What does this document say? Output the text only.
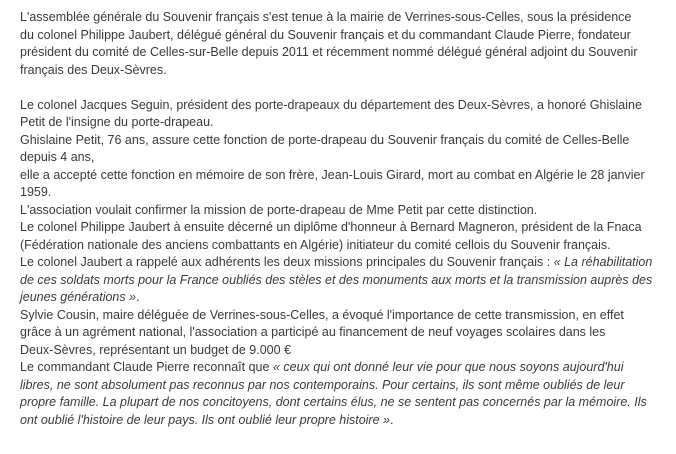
L'assemblée générale du Souvenir français s'est tenue à la mairie de Verrines-sous-Celles, sous la présidence
du colonel Philippe Jaubert, délégué général du Souvenir français et du commandant Claude Pierre, fondateur
président du comité de Celles-sur-Belle depuis 2011 et récemment nommé délégué général adjoint du Souvenir
français des Deux-Sèvres.
Le colonel Jacques Seguin, président des porte-drapeaux du département des Deux-Sèvres, a honoré Ghislaine
Petit de l'insigne du porte-drapeau.
Ghislaine Petit, 76 ans, assure cette fonction de porte-drapeau du Souvenir français du comité de Celles-Belle
depuis 4 ans,
elle a accepté cette fonction en mémoire de son frère, Jean-Louis Girard, mort au combat en Algérie le 28 janvier
1959.
L'association voulait confirmer la mission de porte-drapeau de Mme Petit par cette distinction.
Le colonel Philippe Jaubert à ensuite décerné un diplôme d'honneur à Bernard Magneron, président de la Fnaca
(Fédération nationale des anciens combattants en Algérie) initiateur du comité cellois du Souvenir français.
Le colonel Jaubert a rappelé aux adhérents les deux missions principales du Souvenir français : « La réhabilitation
de ces soldats morts pour la France oubliés des stèles et des monuments aux morts et la transmission auprès des
jeunes générations ».
Sylvie Cousin, maire déléguée de Verrines-sous-Celles, a évoqué l'importance de cette transmission, en effet
grâce à un agrément national, l'association a participé au financement de neuf voyages scolaires dans les
Deux-Sèvres, représentant un budget de 9.000 €
Le commandant Claude Pierre reconnaît que « ceux qui ont donné leur vie pour que nous soyons aujourd'hui
libres, ne sont absolument pas reconnus par nos contemporains. Pour certains, ils sont même oubliés de leur
propre famille. La plupart de nos concitoyens, dont certains élus, ne se sentent pas concernés par la mémoire. Ils
ont oublié l'histoire de leur pays. Ils ont oublié leur propre histoire ».
